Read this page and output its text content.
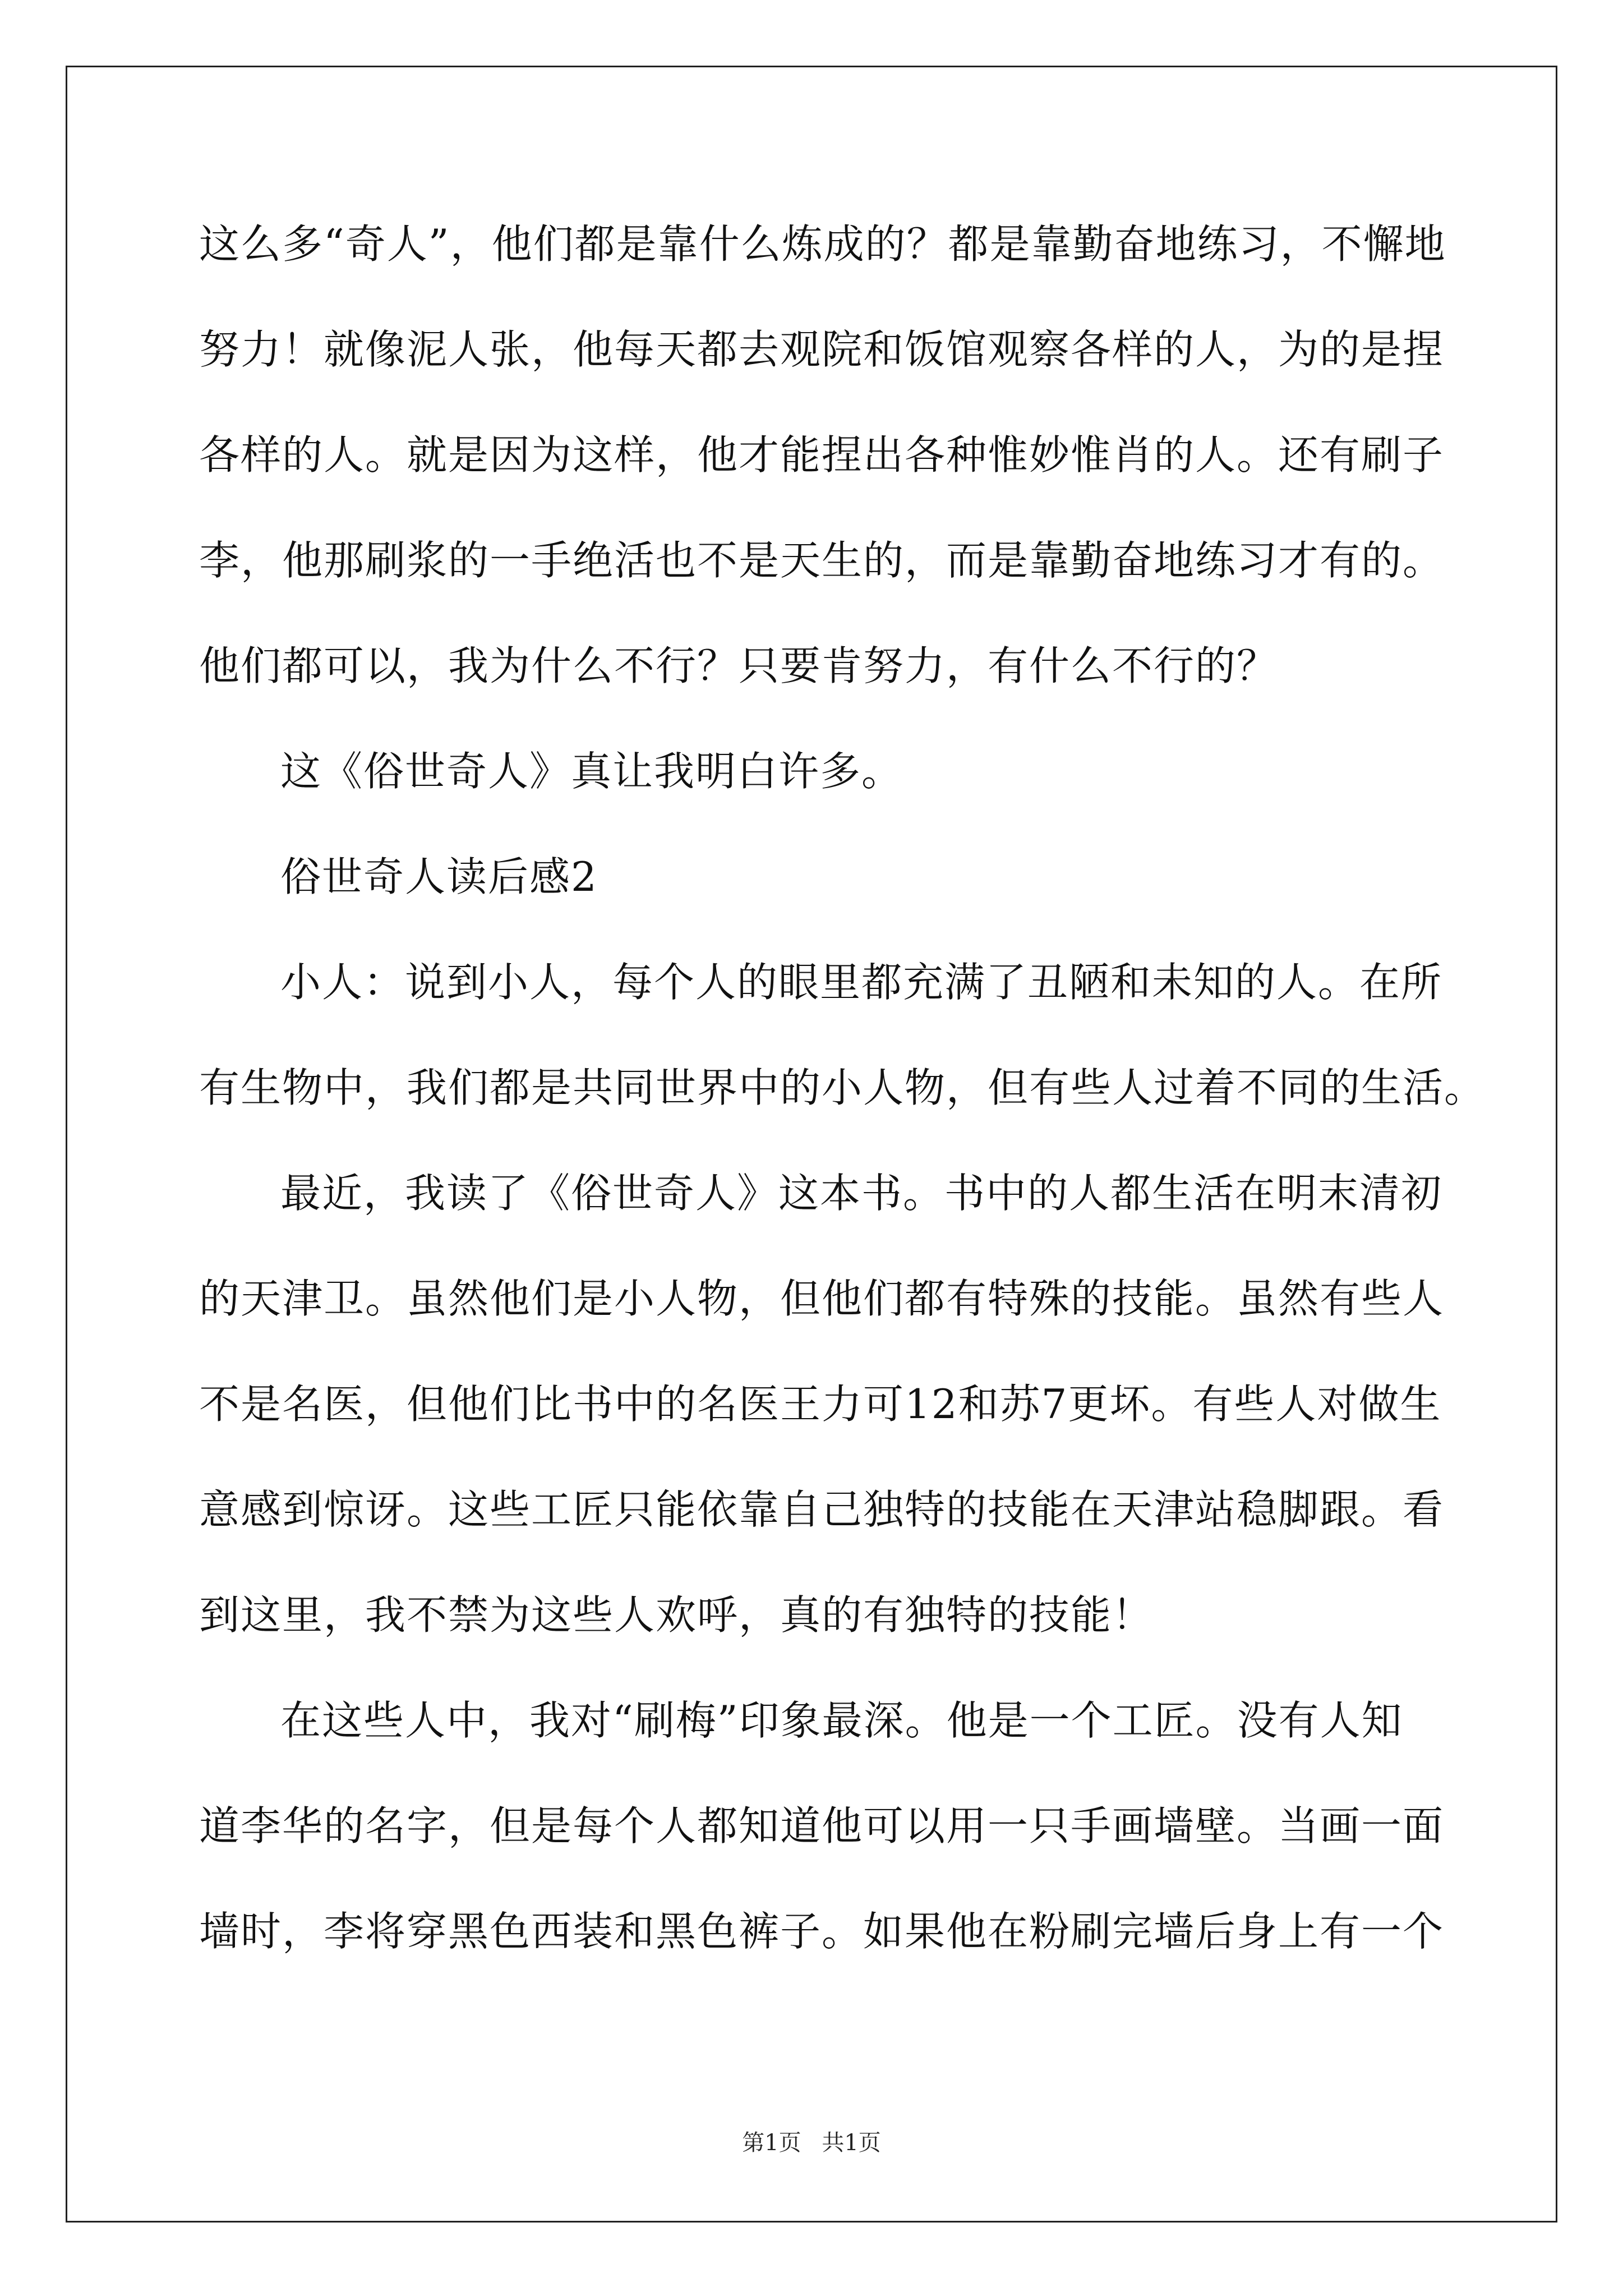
这么多“奇人”，他们都是靠什么炼成的？都是靠勤奋地练习，不懈地
努力！就像泥人张，他每天都去观院和饭馆观察各样的人，为的是捏
各样的人。就是因为这样，他才能捏出各种惟妙惟肖的人。还有刷子
李，他那刷浆的一手绝活也不是天生的，而是靠勤奋地练习才有的。
他们都可以，我为什么不行？只要肯努力，有什么不行的？
这《俗世奇人》真让我明白许多。
俗世奇人读后感2
小人：说到小人，每个人的眼里都充满了丑陋和未知的人。在所
有生物中，我们都是共同世界中的小人物，但有些人过着不同的生活。
最近，我读了《俗世奇人》这本书。书中的人都生活在明末清初
的天津卫。虽然他们是小人物，但他们都有特殊的技能。虽然有些人
不是名医，但他们比书中的名医王力可12和苏7更坏。有些人对做生
意感到惊讶。这些工匠只能依靠自己独特的技能在天津站稳脚跟。看
到这里，我不禁为这些人欢呼，真的有独特的技能！
在这些人中，我对“刷梅”印象最深。他是一个工匠。没有人知
道李华的名字，但是每个人都知道他可以用一只手画墙壁。当画一面
墙时，李将穿黑色西装和黑色裤子。如果他在粉刷完墙后身上有一个
第1页 共1页
